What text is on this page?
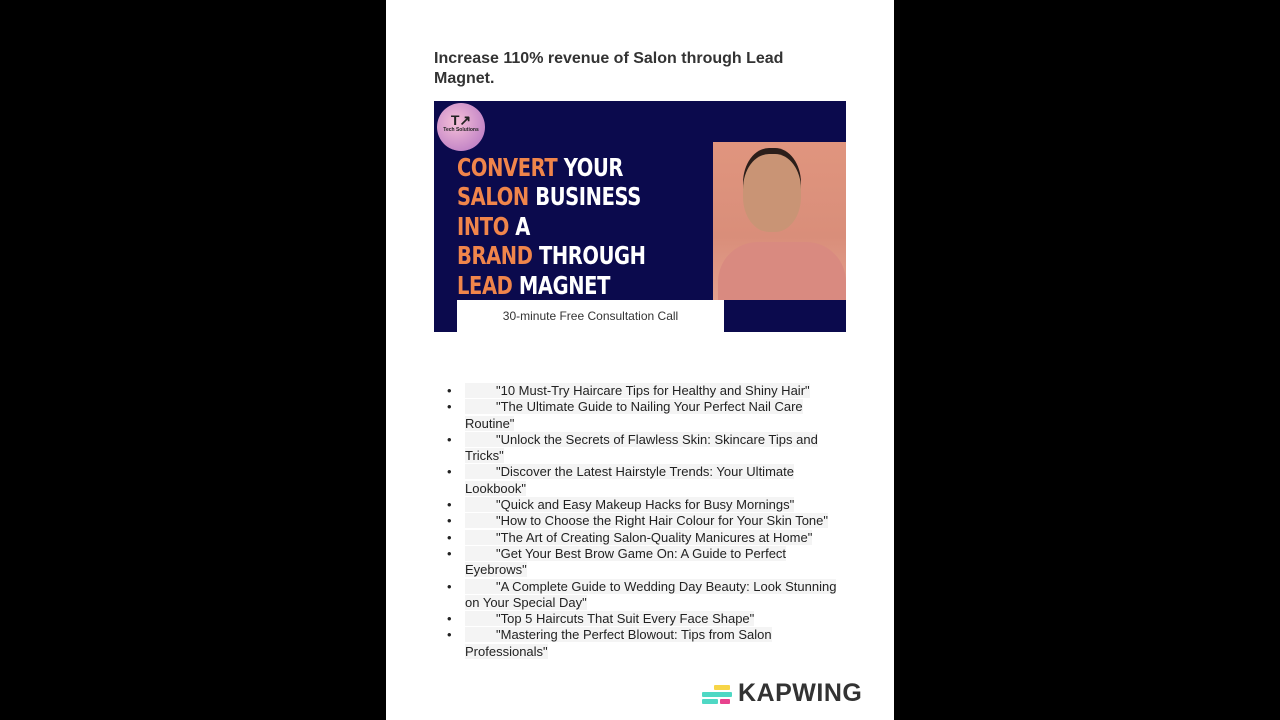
Increase 110% revenue of Salon through Lead Magnet.
T↗
Tech Solutions
CONVERT YOUR
SALON BUSINESS
INTO A
BRAND THROUGH
LEAD MAGNET
30-minute Free Consultation Call
• "10 Must-Try Haircare Tips for Healthy and Shiny Hair"
• "The Ultimate Guide to Nailing Your Perfect Nail Care Routine"
• "Unlock the Secrets of Flawless Skin: Skincare Tips and Tricks"
• "Discover the Latest Hairstyle Trends: Your Ultimate Lookbook"
• "Quick and Easy Makeup Hacks for Busy Mornings"
• "How to Choose the Right Hair Colour for Your Skin Tone"
• "The Art of Creating Salon-Quality Manicures at Home"
• "Get Your Best Brow Game On: A Guide to Perfect Eyebrows"
• "A Complete Guide to Wedding Day Beauty: Look Stunning on Your Special Day"
• "Top 5 Haircuts That Suit Every Face Shape"
• "Mastering the Perfect Blowout: Tips from Salon Professionals"
KAPWING
